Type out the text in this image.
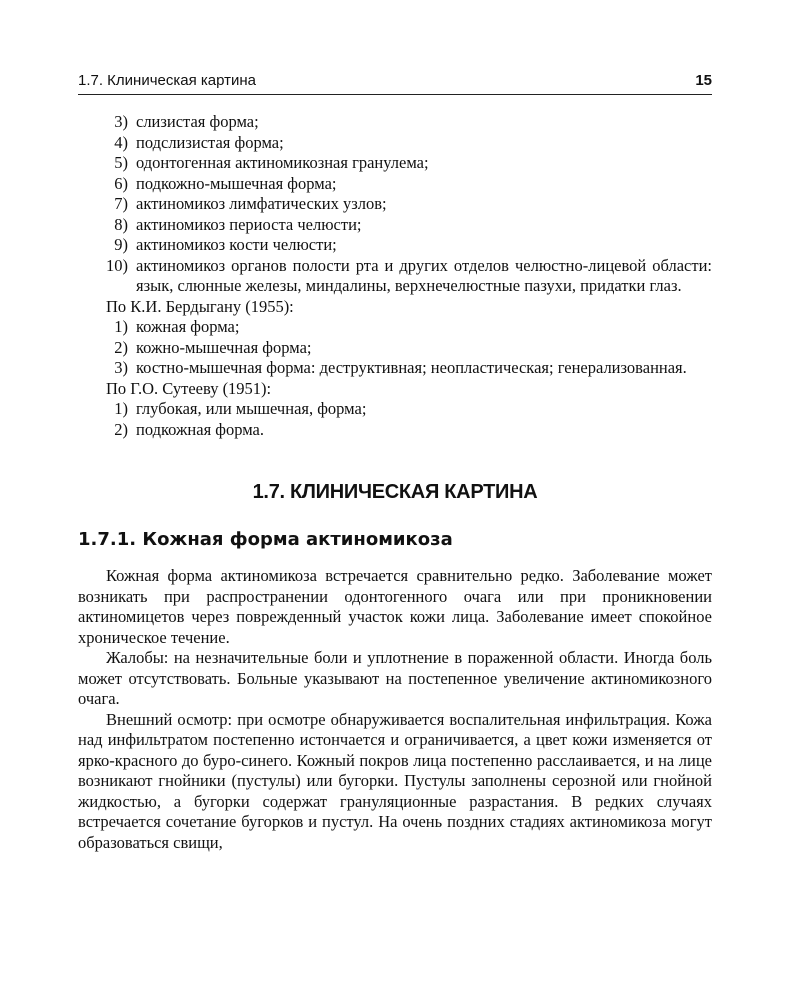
1.7. Клиническая картина	15
3) слизистая форма;
4) подслизистая форма;
5) одонтогенная актиномикозная гранулема;
6) подкожно-мышечная форма;
7) актиномикоз лимфатических узлов;
8) актиномикоз периоста челюсти;
9) актиномикоз кости челюсти;
10) актиномикоз органов полости рта и других отделов челюстно-лицевой области: язык, слюнные железы, миндалины, верхнечелюстные пазухи, придатки глаз.
По К.И. Бердыгану (1955):
1) кожная форма;
2) кожно-мышечная форма;
3) костно-мышечная форма: деструктивная; неопластическая; генерализованная.
По Г.О. Сутееву (1951):
1) глубокая, или мышечная, форма;
2) подкожная форма.
1.7. КЛИНИЧЕСКАЯ КАРТИНА
1.7.1. Кожная форма актиномикоза

Кожная форма актиномикоза встречается сравнительно редко. Заболевание может возникать при распространении одонтогенного очага или при проникновении актиномицетов через поврежденный участок кожи лица. Заболевание имеет спокойное хроническое течение.

Жалобы: на незначительные боли и уплотнение в пораженной области. Иногда боль может отсутствовать. Больные указывают на постепенное увеличение актиномикозного очага.

Внешний осмотр: при осмотре обнаруживается воспалительная инфильтрация. Кожа над инфильтратом постепенно истончается и ограничивается, а цвет кожи изменяется от ярко-красного до буро-синего. Кожный покров лица постепенно расслаивается, и на лице возникают гнойники (пустулы) или бугорки. Пустулы заполнены серозной или гнойной жидкостью, а бугорки содержат грануляционные разрастания. В редких случаях встречается сочетание бугорков и пустул. На очень поздних стадиях актиномикоза могут образоваться свищи,
